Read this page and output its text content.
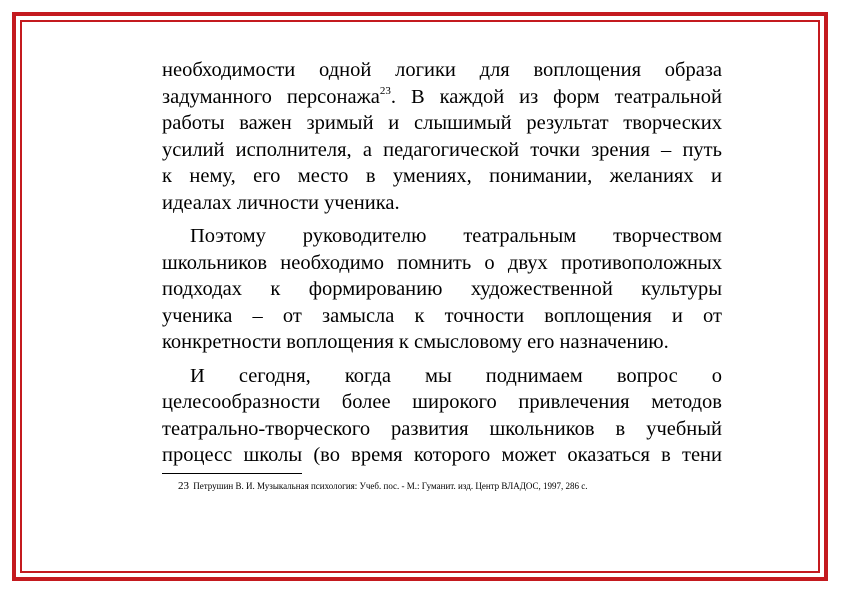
необходимости одной логики для воплощения образа

задуманного персонажа$^{23}$. В каждой из форм театральной

работы важен зримый и слышимый результат творческих

усилий исполнителя, а педагогической точки зрения – путь

к нему, его место в умениях, понимании, желаниях и

идеалах личности ученика.

Поэтому руководителю театральным творчеством

школьников необходимо помнить о двух противоположных

подходах к формированию художественной культуры

ученика – от замысла к точности воплощения и от

конкретности воплощения к смысловому его назначению.

И сегодня, когда мы поднимаем вопрос о

целесообразности более широкого привлечения методов

театрально-творческого развития школьников в учебный

процесс школы (во время которого может оказаться в тени

23 Петрушин В. И. Музыкальная психология: Учеб. пос. - М.: Гуманит. изд. Центр ВЛАДОС, 1997, 286 с.
